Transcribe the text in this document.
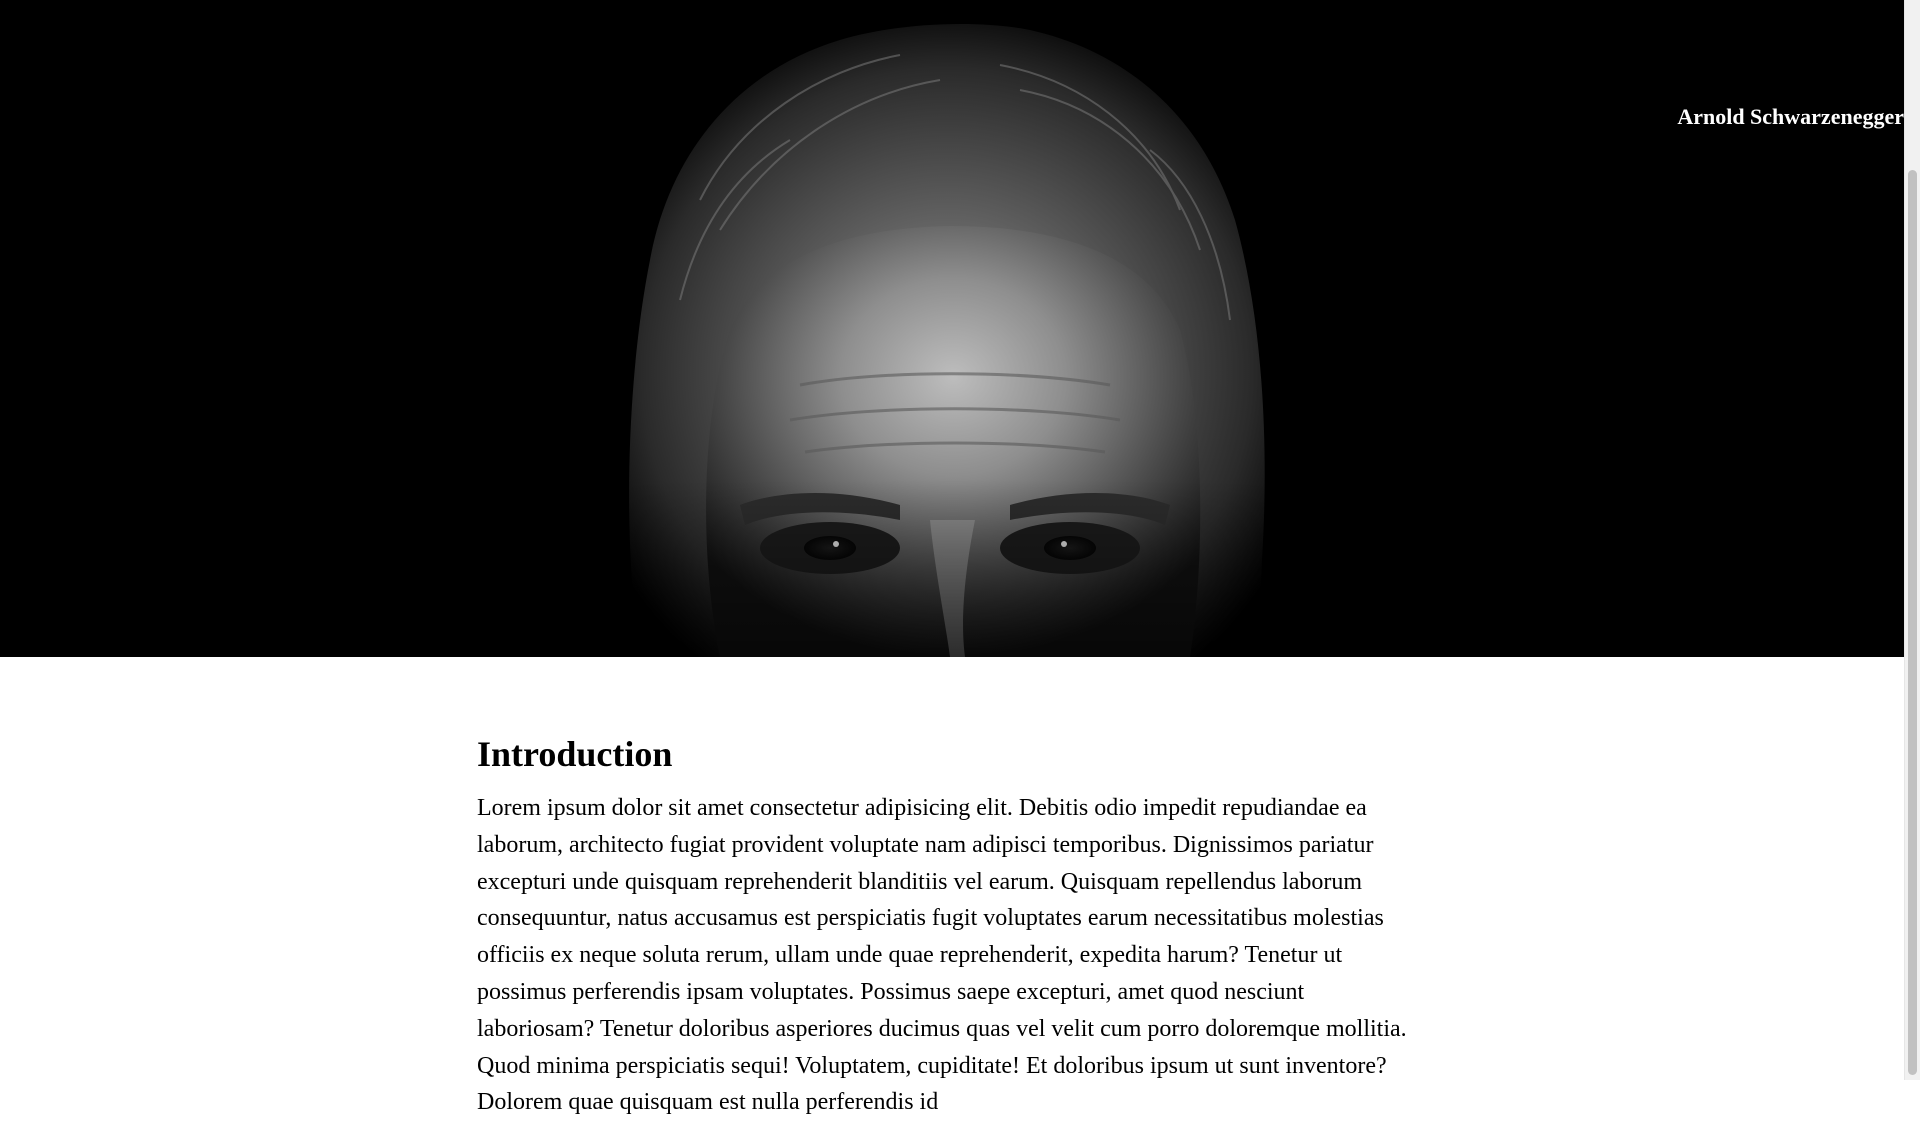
Arnold Schwarzenegger
Introduction

Lorem ipsum dolor sit amet consectetur adipisicing elit. Debitis odio impedit repudiandae ea laborum, architecto fugiat provident voluptate nam adipisci temporibus. Dignissimos pariatur excepturi unde quisquam reprehenderit blanditiis vel earum. Quisquam repellendus laborum consequuntur, natus accusamus est perspiciatis fugit voluptates earum necessitatibus molestias officiis ex neque soluta rerum, ullam unde quae reprehenderit, expedita harum? Tenetur ut possimus perferendis ipsam voluptates. Possimus saepe excepturi, amet quod nesciunt laboriosam? Tenetur doloribus asperiores ducimus quas vel velit cum porro doloremque mollitia. Quod minima perspiciatis sequi! Voluptatem, cupiditate! Et doloribus ipsum ut sunt inventore? Dolorem quae quisquam est nulla perferendis id
